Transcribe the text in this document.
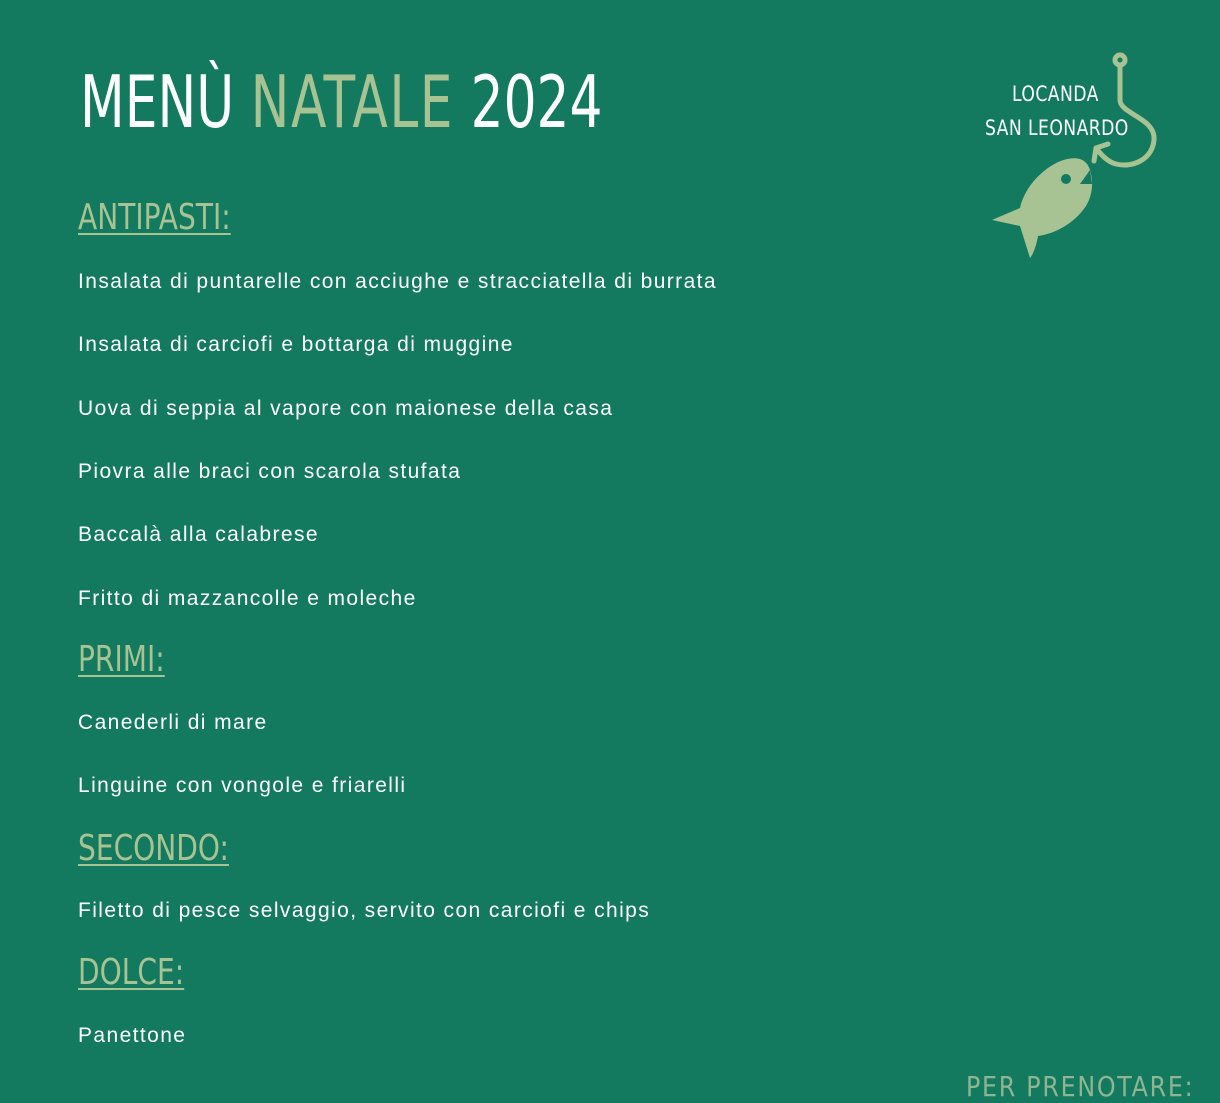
MENÙ NATALE 2024	LOCANDA
SAN LEONARDO
ANTIPASTI:

Insalata di puntarelle con acciughe e stracciatella di burrata

Insalata di carciofi e bottarga di muggine

Uova di seppia al vapore con maionese della casa

Piovra alle braci con scarola stufata

Baccalà alla calabrese

Fritto di mazzancolle e moleche

PRIMI:

Canederli di mare

Linguine con vongole e friarelli

SECONDO:

Filetto di pesce selvaggio, servito con carciofi e chips

DOLCE:

Panettone

PER PRENOTARE:
